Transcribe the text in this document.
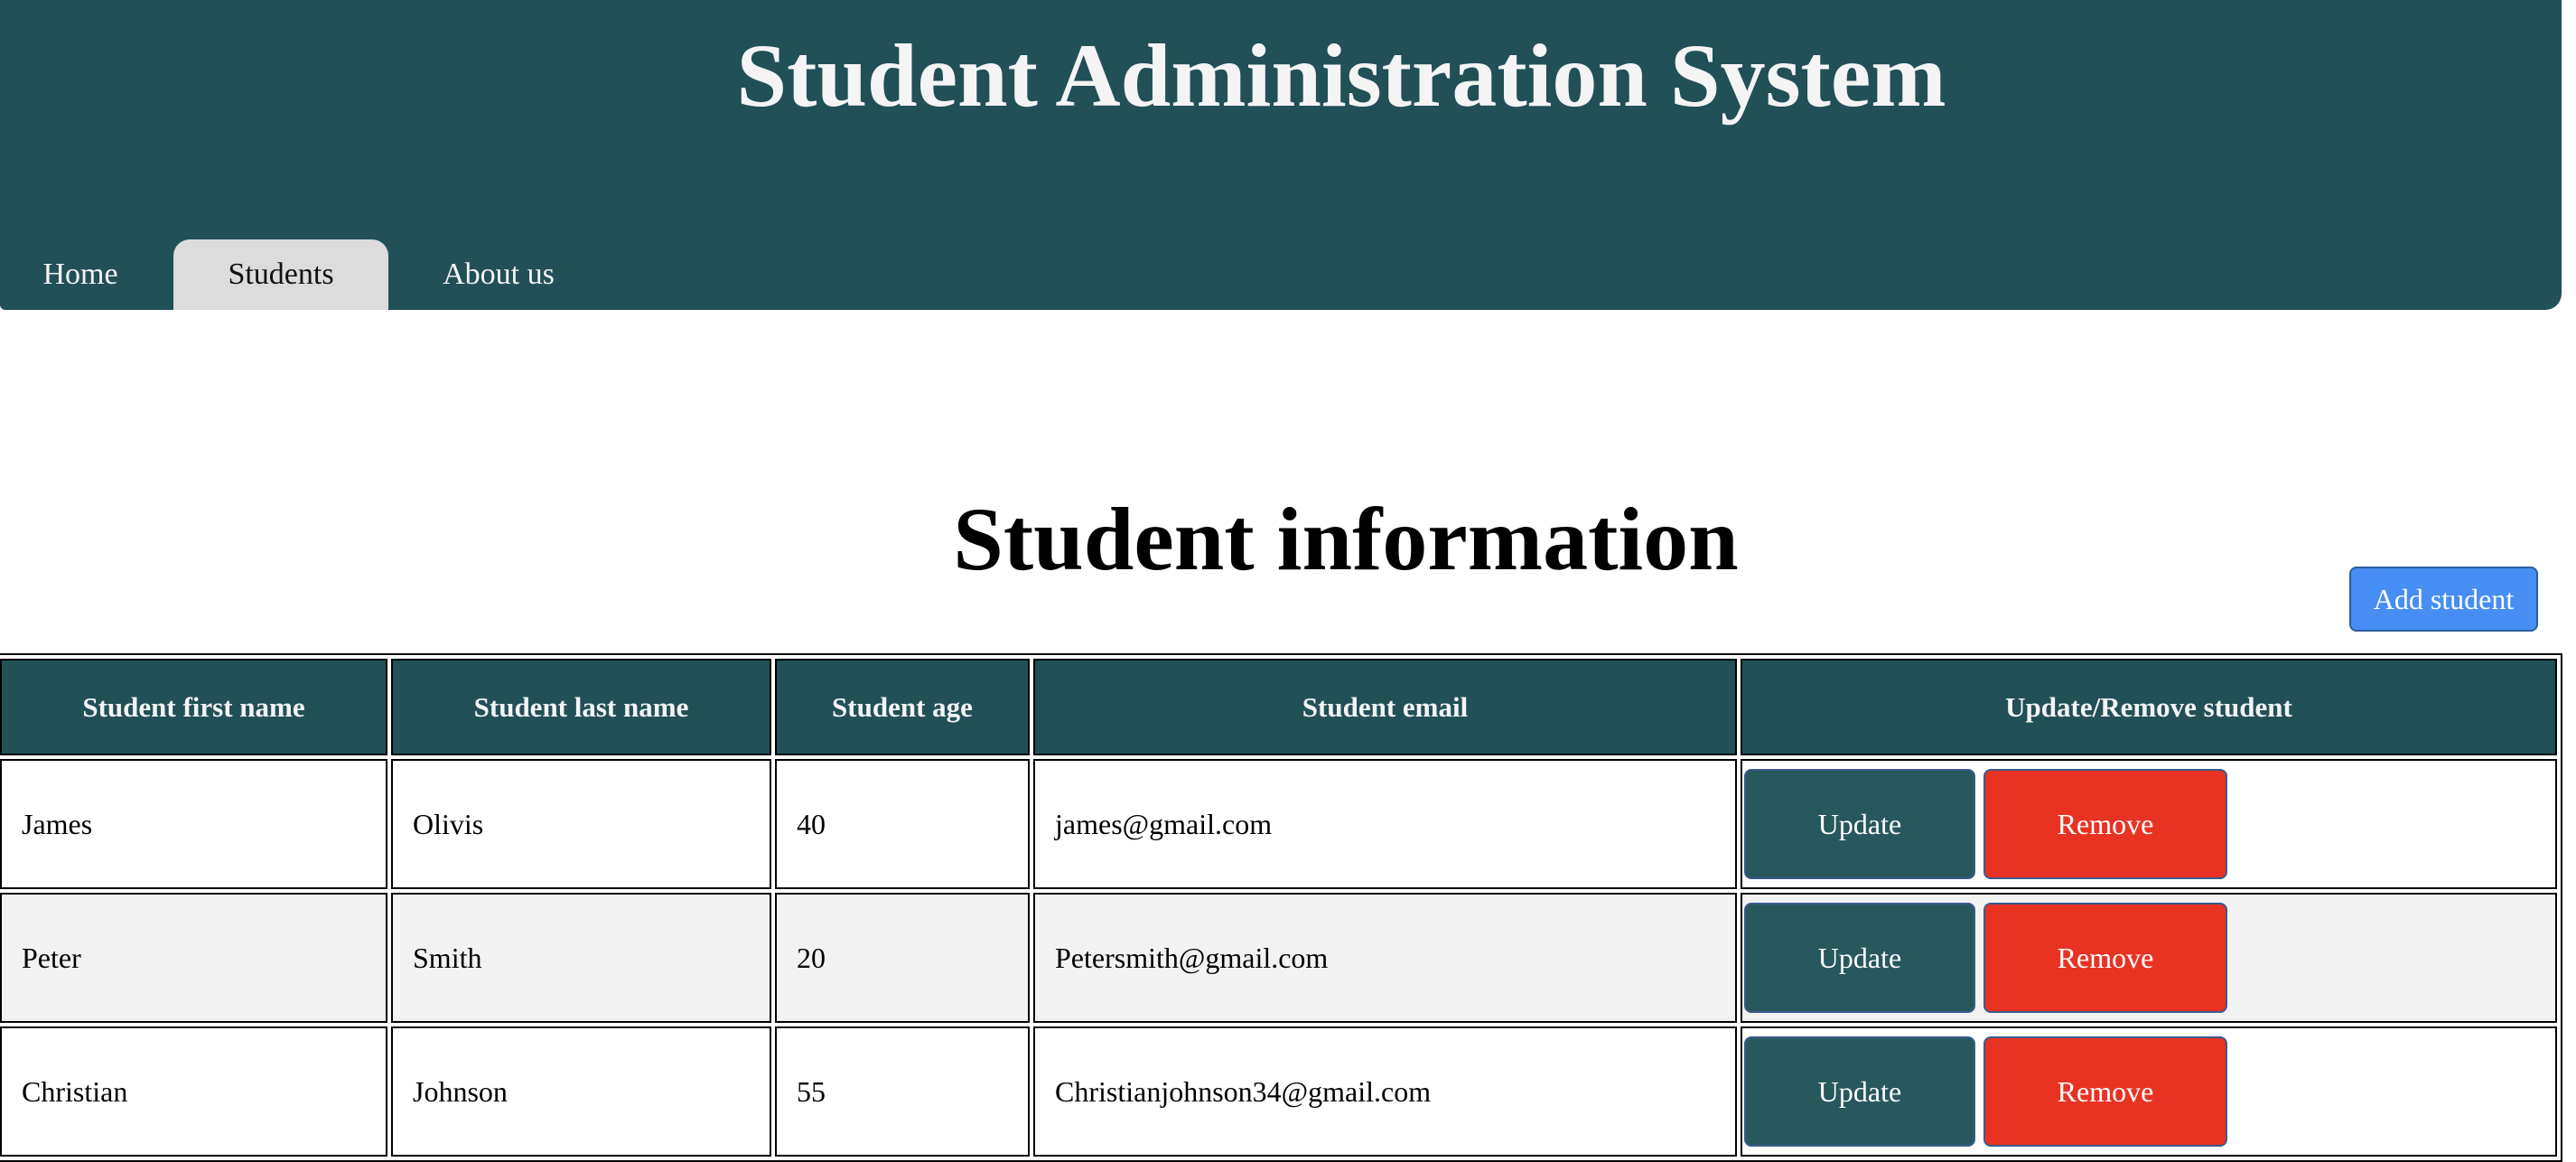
Student Administration System
Home	Students	About us
Student information
Add student
Student first name	Student last name	Student age	Student email	Update/Remove student
James	Olivis	40	james@gmail.com	Update Remove

Peter	Smith	20	Petersmith@gmail.com	Update Remove

Christian	Johnson	55	Christianjohnson34@gmail.com	Update Remove
